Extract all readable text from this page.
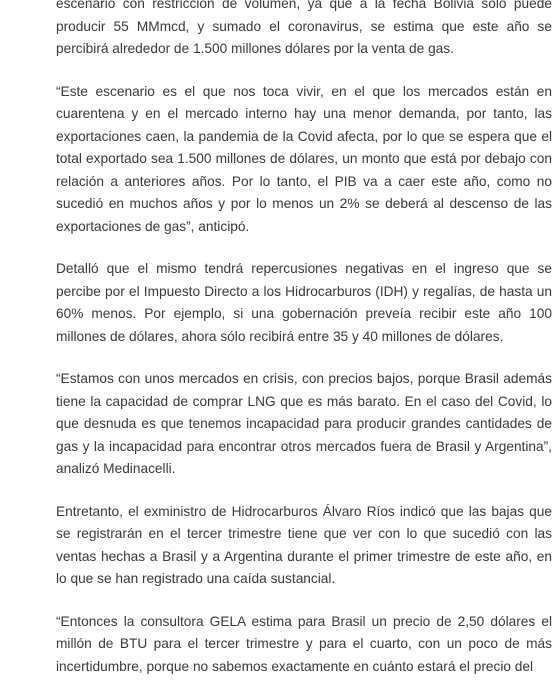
escenario con restricción de volumen, ya que a la fecha Bolivia sólo puede producir 55 MMmcd, y sumado el coronavirus, se estima que este año se percibirá alrededor de 1.500 millones dólares por la venta de gas.

“Este escenario es el que nos toca vivir, en el que los mercados están en cuarentena y en el mercado interno hay una menor demanda, por tanto, las exportaciones caen, la pandemia de la Covid afecta, por lo que se espera que el total exportado sea 1.500 millones de dólares, un monto que está por debajo con relación a anteriores años. Por lo tanto, el PIB va a caer este año, como no sucedió en muchos años y por lo menos un 2% se deberá al descenso de las exportaciones de gas”, anticipó.

Detalló que el mismo tendrá repercusiones negativas en el ingreso que se percibe por el Impuesto Directo a los Hidrocarburos (IDH) y regalías, de hasta un 60% menos. Por ejemplo, si una gobernación preveía recibir este año 100 millones de dólares, ahora sólo recibirá entre 35 y 40 millones de dólares.

“Estamos con unos mercados en crisis, con precios bajos, porque Brasil además tiene la capacidad de comprar LNG que es más barato. En el caso del Covid, lo que desnuda es que tenemos incapacidad para producir grandes cantidades de gas y la incapacidad para encontrar otros mercados fuera de Brasil y Argentina”, analizó Medinacelli.

Entretanto, el exministro de Hidrocarburos Álvaro Ríos indicó que las bajas que se registrarán en el tercer trimestre tiene que ver con lo que sucedió con las ventas hechas a Brasil y a Argentina durante el primer trimestre de este año, en lo que se han registrado una caída sustancial.

“Entonces la consultora GELA estima para Brasil un precio de 2,50 dólares el millón de BTU para el tercer trimestre y para el cuarto, con un poco de más incertidumbre, porque no sabemos exactamente en cuánto estará el precio del
